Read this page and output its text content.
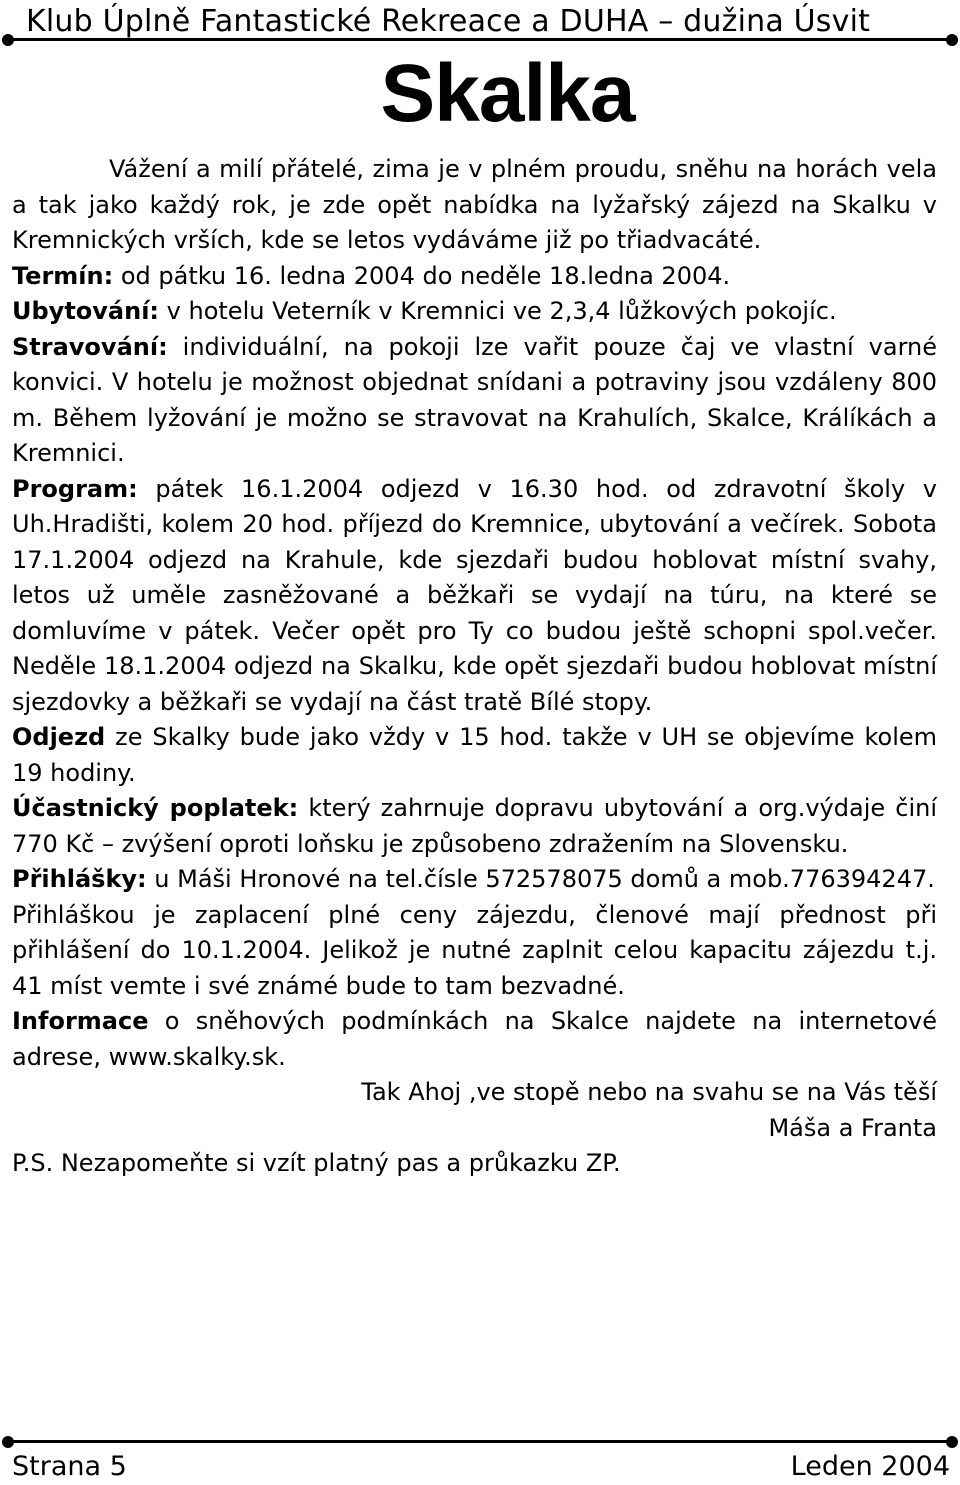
Klub Úplně Fantastické Rekreace a DUHA – dužina Úsvit
Skalka

Vážení a milí přátelé, zima je v plném proudu, sněhu na horách vela a tak jako každý rok, je zde opět nabídka na lyžařský zájezd na Skalku v Kremnických vrších, kde se letos vydáváme již po třiadvacáté.

Termín: od pátku 16. ledna 2004 do neděle 18.ledna 2004.

Ubytování: v hotelu Veterník v Kremnici ve 2,3,4 lůžkových pokojíc.

Stravování: individuální, na pokoji lze vařit pouze čaj ve vlastní varné konvici. V hotelu je možnost objednat snídani a potraviny jsou vzdáleny 800 m. Během lyžování je možno se stravovat na Krahulích, Skalce, Králíkách a Kremnici.

Program: pátek 16.1.2004 odjezd v 16.30 hod. od zdravotní školy v Uh.Hradišti, kolem 20 hod. příjezd do Kremnice, ubytování a večírek. Sobota 17.1.2004 odjezd na Krahule, kde sjezdaři budou hoblovat místní svahy, letos už uměle zasněžované a běžkaři se vydají na túru, na které se domluvíme v pátek. Večer opět pro Ty co budou ještě schopni spol.večer. Neděle 18.1.2004 odjezd na Skalku, kde opět sjezdaři budou hoblovat místní sjezdovky a běžkaři se vydají na část tratě Bílé stopy.

Odjezd ze Skalky bude jako vždy v 15 hod. takže v UH se objevíme kolem 19 hodiny.

Účastnický poplatek: který zahrnuje dopravu ubytování a org.výdaje činí 770 Kč – zvýšení oproti loňsku je způsobeno zdražením na Slovensku.

Přihlášky: u Máši Hronové na tel.čísle 572578075 domů a mob.776394247.

Přihláškou je zaplacení plné ceny zájezdu, členové mají přednost při přihlášení do 10.1.2004. Jelikož je nutné zaplnit celou kapacitu zájezdu t.j. 41 míst vemte i své známé bude to tam bezvadné.

Informace o sněhových podmínkách na Skalce najdete na internetové adrese, www.skalky.sk.

Tak Ahoj ,ve stopě nebo na svahu se na Vás těší

Máša a Franta

P.S. Nezapomeňte si vzít platný pas a průkazku ZP.

Strana 5	Leden 2004
